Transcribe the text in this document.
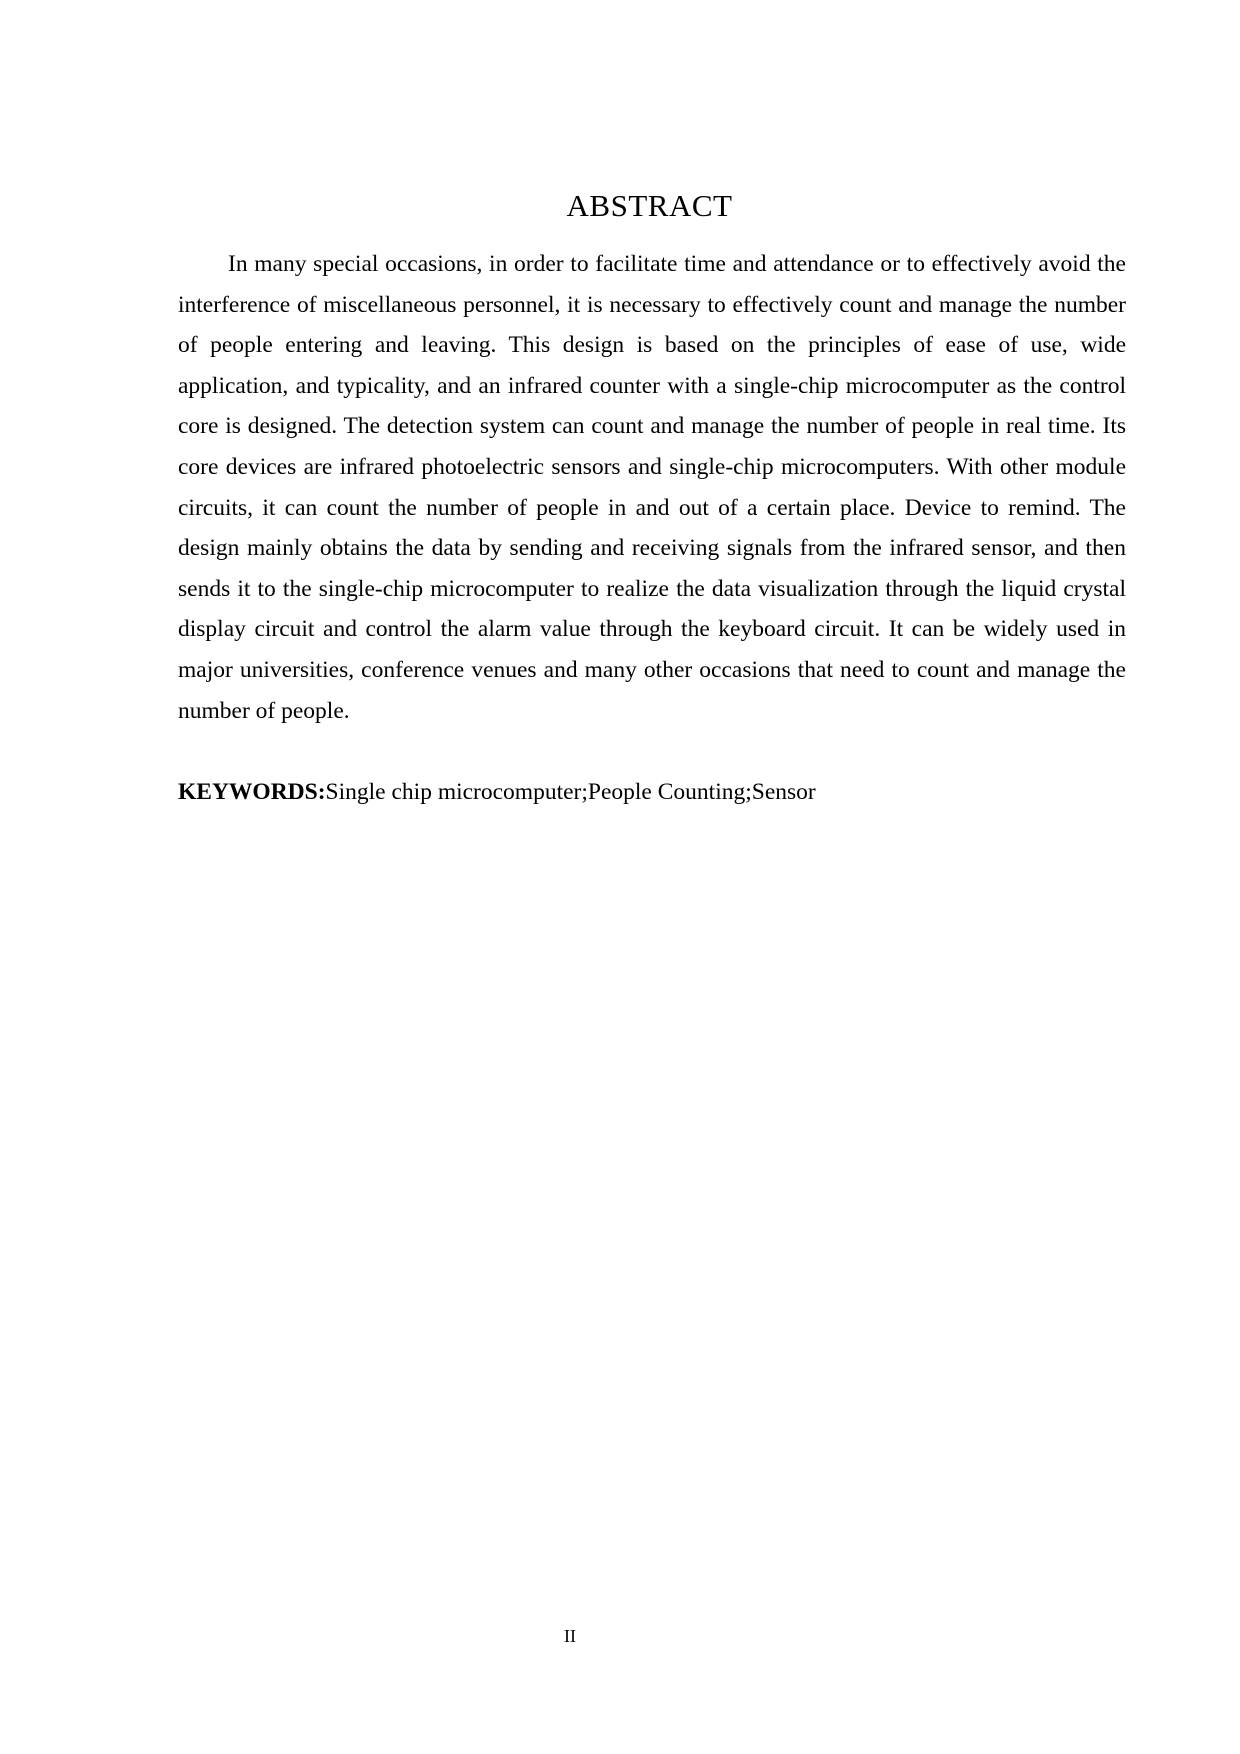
ABSTRACT

In many special occasions, in order to facilitate time and attendance or to effectively avoid the interference of miscellaneous personnel, it is necessary to effectively count and manage the number of people entering and leaving. This design is based on the principles of ease of use, wide application, and typicality, and an infrared counter with a single-chip microcomputer as the control core is designed. The detection system can count and manage the number of people in real time. Its core devices are infrared photoelectric sensors and single-chip microcomputers. With other module circuits, it can count the number of people in and out of a certain place. Device to remind. The design mainly obtains the data by sending and receiving signals from the infrared sensor, and then sends it to the single-chip microcomputer to realize the data visualization through the liquid crystal display circuit and control the alarm value through the keyboard circuit. It can be widely used in major universities, conference venues and many other occasions that need to count and manage the number of people.

KEYWORDS:Single chip microcomputer;People Counting;Sensor

II
